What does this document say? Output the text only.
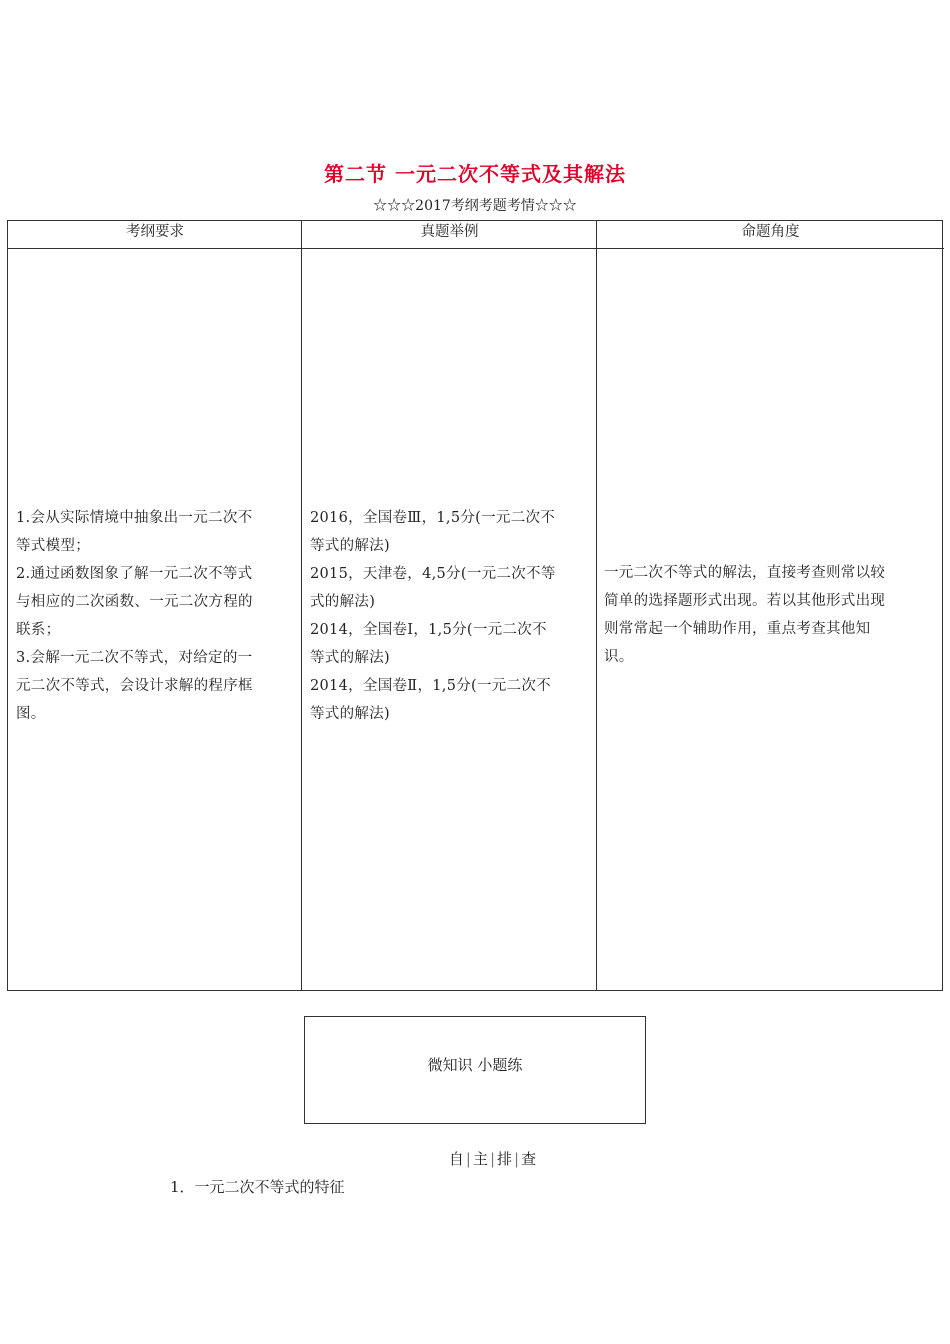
第二节 一元二次不等式及其解法
☆☆☆2017考纲考题考情☆☆☆
考纲要求	真题举例	命题角度
1.会从实际情境中抽象出一元二次不
等式模型；
2.通过函数图象了解一元二次不等式
与相应的二次函数、一元二次方程的
联系；
3.会解一元二次不等式，对给定的一
元二次不等式，会设计求解的程序框
图。
2016，全国卷Ⅲ，1,5分(一元二次不
等式的解法)
2015，天津卷，4,5分(一元二次不等
式的解法)
2014，全国卷Ⅰ，1,5分(一元二次不
等式的解法)
2014，全国卷Ⅱ，1,5分(一元二次不
等式的解法)
一元二次不等式的解法，直接考查则常以较
简单的选择题形式出现。若以其他形式出现
则常常起一个辅助作用，重点考查其他知
识。
微知识 小题练
自 | 主 | 排 | 查
1．一元二次不等式的特征
